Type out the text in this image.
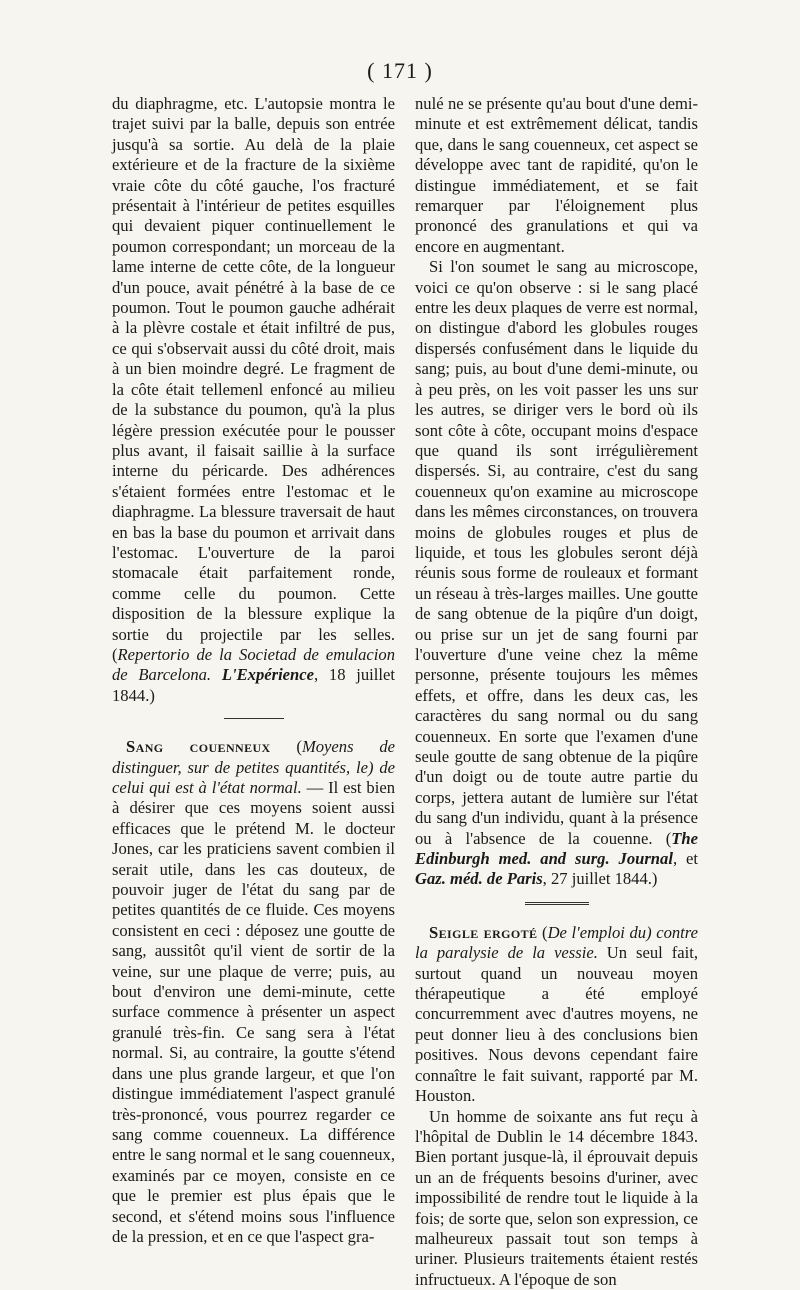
( 171 )

du diaphragme, etc. L'autopsie montra le trajet suivi par la balle, depuis son entrée jusqu'à sa sortie. Au delà de la plaie extérieure et de la fracture de la sixième vraie côte du côté gauche, l'os fracturé présentait à l'intérieur de petites esquilles qui devaient piquer continuellement le poumon correspondant; un morceau de la lame interne de cette côte, de la longueur d'un pouce, avait pénétré à la base de ce poumon. Tout le poumon gauche adhérait à la plèvre costale et était infiltré de pus, ce qui s'observait aussi du côté droit, mais à un bien moindre degré. Le fragment de la côte était tellemenl enfoncé au milieu de la substance du poumon, qu'à la plus légère pression exécutée pour le pousser plus avant, il faisait saillie à la surface interne du péricarde. Des adhérences s'étaient formées entre l'estomac et le diaphragme. La blessure traversait de haut en bas la base du poumon et arrivait dans l'estomac. L'ouverture de la paroi stomacale était parfaitement ronde, comme celle du poumon. Cette disposition de la blessure explique la sortie du projectile par les selles. (Repertorio de la Societad de emulacion de Barcelona. L'Expérience, 18 juillet 1844.)

Sang couenneux (Moyens de distinguer, sur de petites quantités, le) de celui qui est à l'état normal. — Il est bien à désirer que ces moyens soient aussi efficaces que le prétend M. le docteur Jones, car les praticiens savent combien il serait utile, dans les cas douteux, de pouvoir juger de l'état du sang par de petites quantités de ce fluide. Ces moyens consistent en ceci : déposez une goutte de sang, aussitôt qu'il vient de sortir de la veine, sur une plaque de verre; puis, au bout d'environ une demi-minute, cette surface commence à présenter un aspect granulé très-fin. Ce sang sera à l'état normal. Si, au contraire, la goutte s'étend dans une plus grande largeur, et que l'on distingue immédiatement l'aspect granulé très-prononcé, vous pourrez regarder ce sang comme couenneux. La différence entre le sang normal et le sang couenneux, examinés par ce moyen, consiste en ce que le premier est plus épais que le second, et s'étend moins sous l'influence de la pression, et en ce que l'aspect gra-

nulé ne se présente qu'au bout d'une demi-minute et est extrêmement délicat, tandis que, dans le sang couenneux, cet aspect se développe avec tant de rapidité, qu'on le distingue immédiatement, et se fait remarquer par l'éloignement plus prononcé des granulations et qui va encore en augmentant.

Si l'on soumet le sang au microscope, voici ce qu'on observe : si le sang placé entre les deux plaques de verre est normal, on distingue d'abord les globules rouges dispersés confusément dans le liquide du sang; puis, au bout d'une demi-minute, ou à peu près, on les voit passer les uns sur les autres, se diriger vers le bord où ils sont côte à côte, occupant moins d'espace que quand ils sont irrégulièrement dispersés. Si, au contraire, c'est du sang couenneux qu'on examine au microscope dans les mêmes circonstances, on trouvera moins de globules rouges et plus de liquide, et tous les globules seront déjà réunis sous forme de rouleaux et formant un réseau à très-larges mailles. Une goutte de sang obtenue de la piqûre d'un doigt, ou prise sur un jet de sang fourni par l'ouverture d'une veine chez la même personne, présente toujours les mêmes effets, et offre, dans les deux cas, les caractères du sang normal ou du sang couenneux. En sorte que l'examen d'une seule goutte de sang obtenue de la piqûre d'un doigt ou de toute autre partie du corps, jettera autant de lumière sur l'état du sang d'un individu, quant à la présence ou à l'absence de la couenne. (The Edinburgh med. and surg. Journal, et Gaz. méd. de Paris, 27 juillet 1844.)

Seigle ergoté (De l'emploi du) contre la paralysie de la vessie. Un seul fait, surtout quand un nouveau moyen thérapeutique a été employé concurremment avec d'autres moyens, ne peut donner lieu à des conclusions bien positives. Nous devons cependant faire connaître le fait suivant, rapporté par M. Houston.

Un homme de soixante ans fut reçu à l'hôpital de Dublin le 14 décembre 1843. Bien portant jusque-là, il éprouvait depuis un an de fréquents besoins d'uriner, avec impossibilité de rendre tout le liquide à la fois; de sorte que, selon son expression, ce malheureux passait tout son temps à uriner. Plusieurs traitements étaient restés infructueux. A l'époque de son
